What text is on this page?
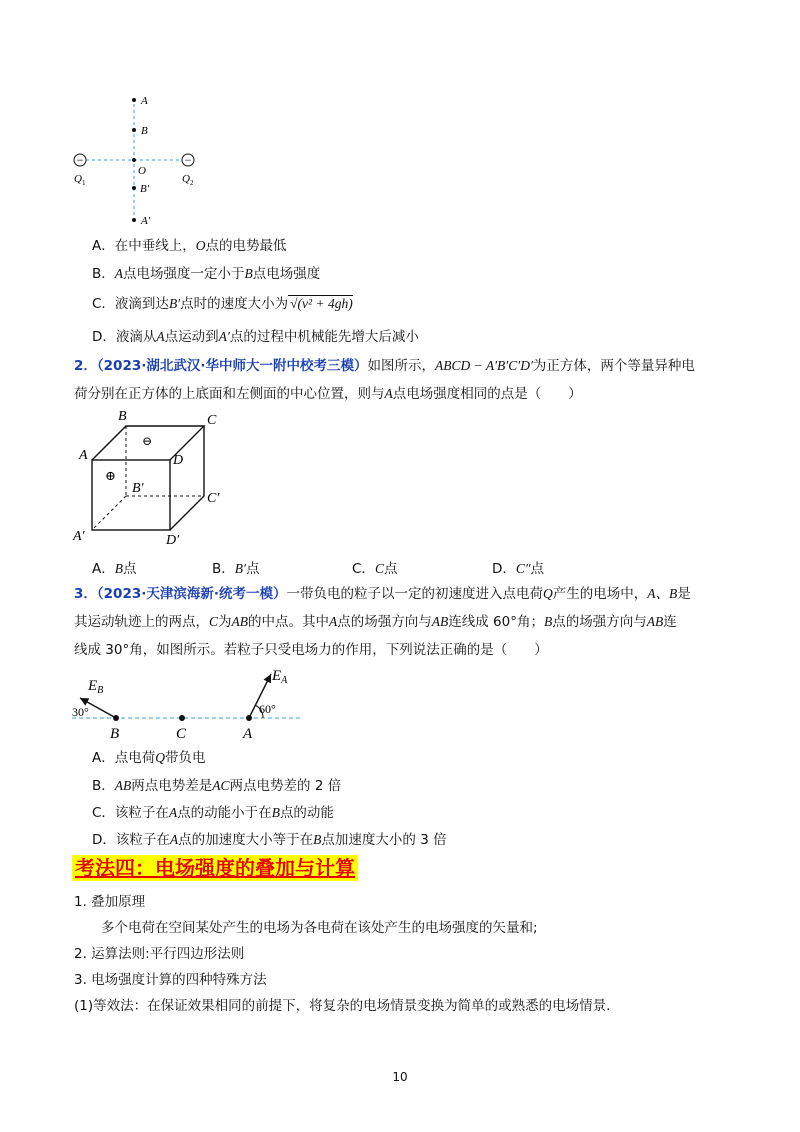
−	−
A
B
O
B′
A′
$Q_1$	$Q_2$
A．在中垂线上，O点的电势最低
B．A点电场强度一定小于B点电场强度
C．液滴到达B′点时的速度大小为 √(v² + 4gh)
D．液滴从A点运动到A′点的过程中机械能先增大后减小
2．（2023·湖北武汉·华中师大一附中校考三模）如图所示，ABCD − A′B′C′D′为正方体，两个等量异种电
荷分别在正方体的上底面和左侧面的中心位置，则与A点电场强度相同的点是（　　）
B	C
A	D
B′
C′
A′	D′
⊖
⊕
A．B点	B．B′点	C．C点	D．C″点
3．（2023·天津滨海新·统考一模）一带负电的粒子以一定的初速度进入点电荷Q产生的电场中，A、B是
其运动轨迹上的两点，C为AB的中点。其中A点的场强方向与AB连线成 60°角；B点的场强方向与AB连
线成 30°角，如图所示。若粒子只受电场力的作用，下列说法正确的是（　　）
$E_B$
$E_A$
30°	60°
B	C	A
A．点电荷Q带负电
B．AB两点电势差是AC两点电势差的 2 倍
C．该粒子在A点的动能小于在B点的动能
D．该粒子在A点的加速度大小等于在B点加速度大小的 3 倍
考法四：电场强度的叠加与计算
1. 叠加原理
多个电荷在空间某处产生的电场为各电荷在该处产生的电场强度的矢量和;
2. 运算法则:平行四边形法则
3. 电场强度计算的四种特殊方法
(1)等效法：在保证效果相同的前提下，将复杂的电场情景变换为简单的或熟悉的电场情景.
10
